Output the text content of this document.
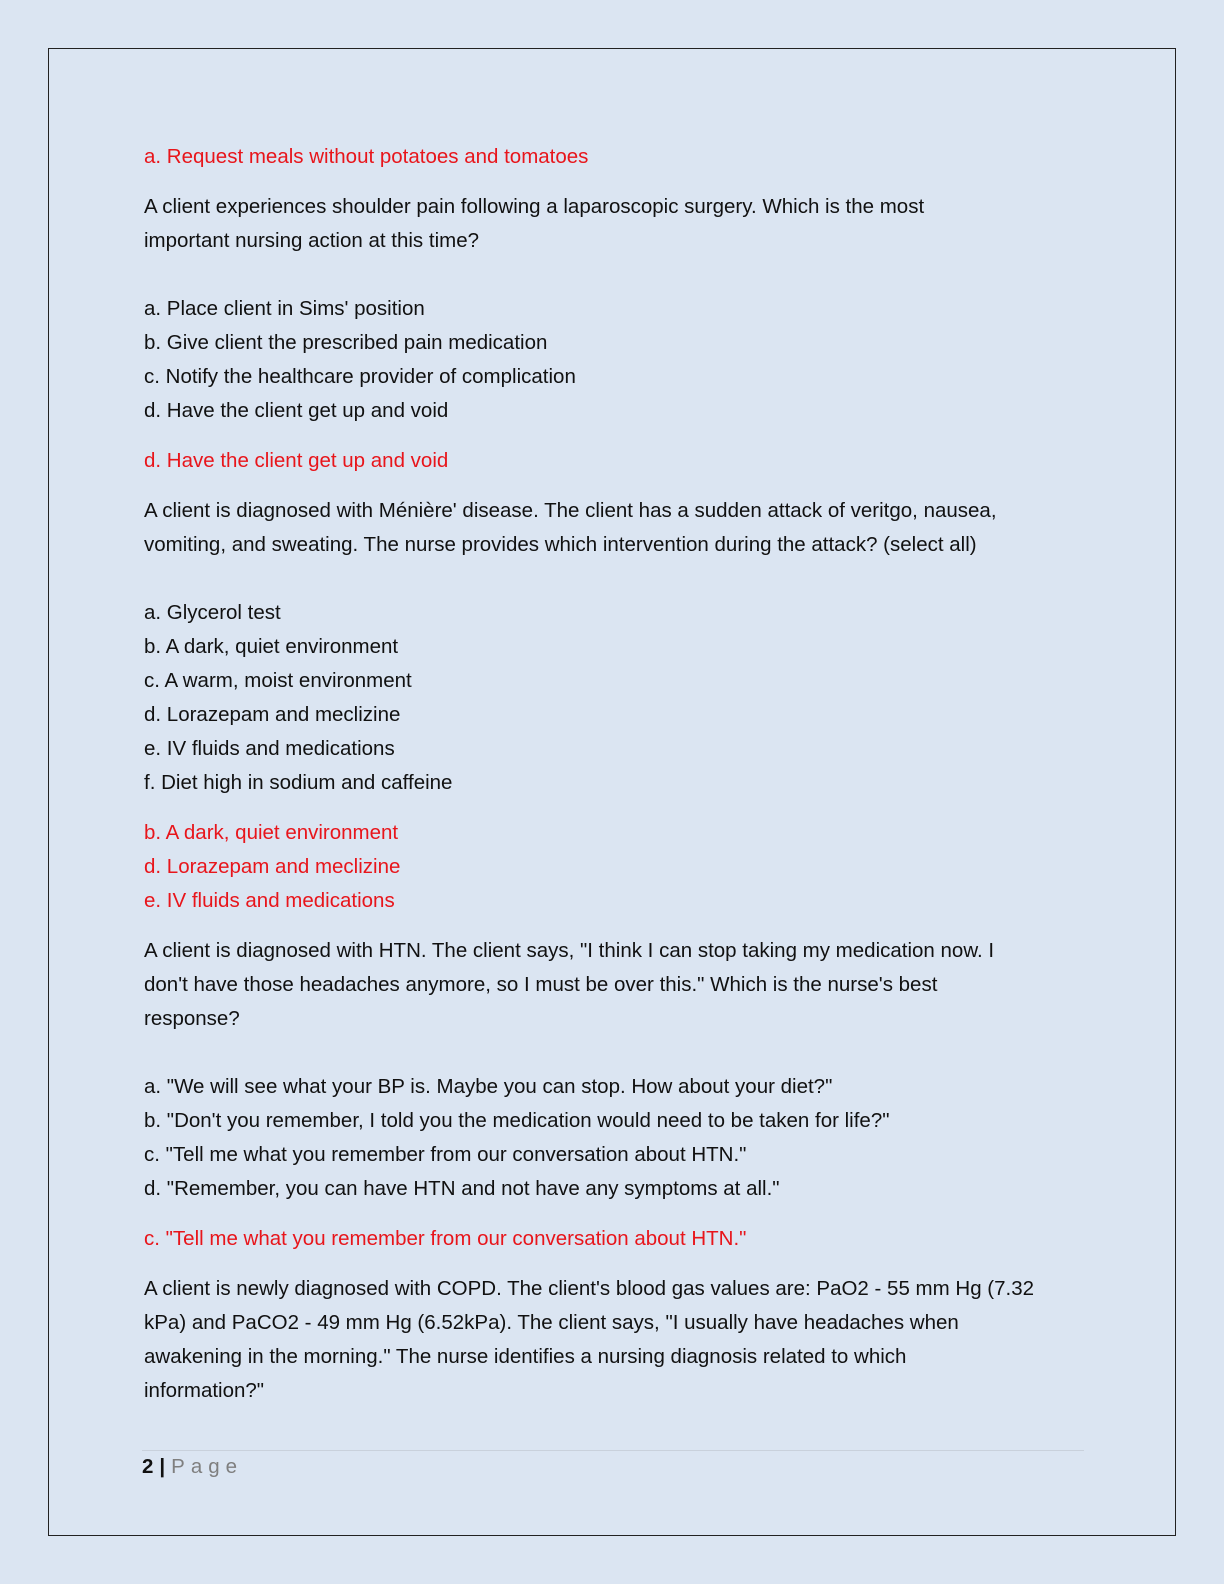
a. Request meals without potatoes and tomatoes
A client experiences shoulder pain following a laparoscopic surgery. Which is the most
important nursing action at this time?
a. Place client in Sims' position
b. Give client the prescribed pain medication
c. Notify the healthcare provider of complication
d. Have the client get up and void
d. Have the client get up and void
A client is diagnosed with Ménière' disease. The client has a sudden attack of veritgo, nausea,
vomiting, and sweating. The nurse provides which intervention during the attack? (select all)
a. Glycerol test
b. A dark, quiet environment
c. A warm, moist environment
d. Lorazepam and meclizine
e. IV fluids and medications
f. Diet high in sodium and caffeine
b. A dark, quiet environment
d. Lorazepam and meclizine
e. IV fluids and medications
A client is diagnosed with HTN. The client says, "I think I can stop taking my medication now. I
don't have those headaches anymore, so I must be over this." Which is the nurse's best
response?
a. "We will see what your BP is. Maybe you can stop. How about your diet?"
b. "Don't you remember, I told you the medication would need to be taken for life?"
c. "Tell me what you remember from our conversation about HTN."
d. "Remember, you can have HTN and not have any symptoms at all."
c. "Tell me what you remember from our conversation about HTN."
A client is newly diagnosed with COPD. The client's blood gas values are: PaO2 - 55 mm Hg (7.32
kPa) and PaCO2 - 49 mm Hg (6.52kPa). The client says, "I usually have headaches when
awakening in the morning." The nurse identifies a nursing diagnosis related to which
information?"
2 | Page
